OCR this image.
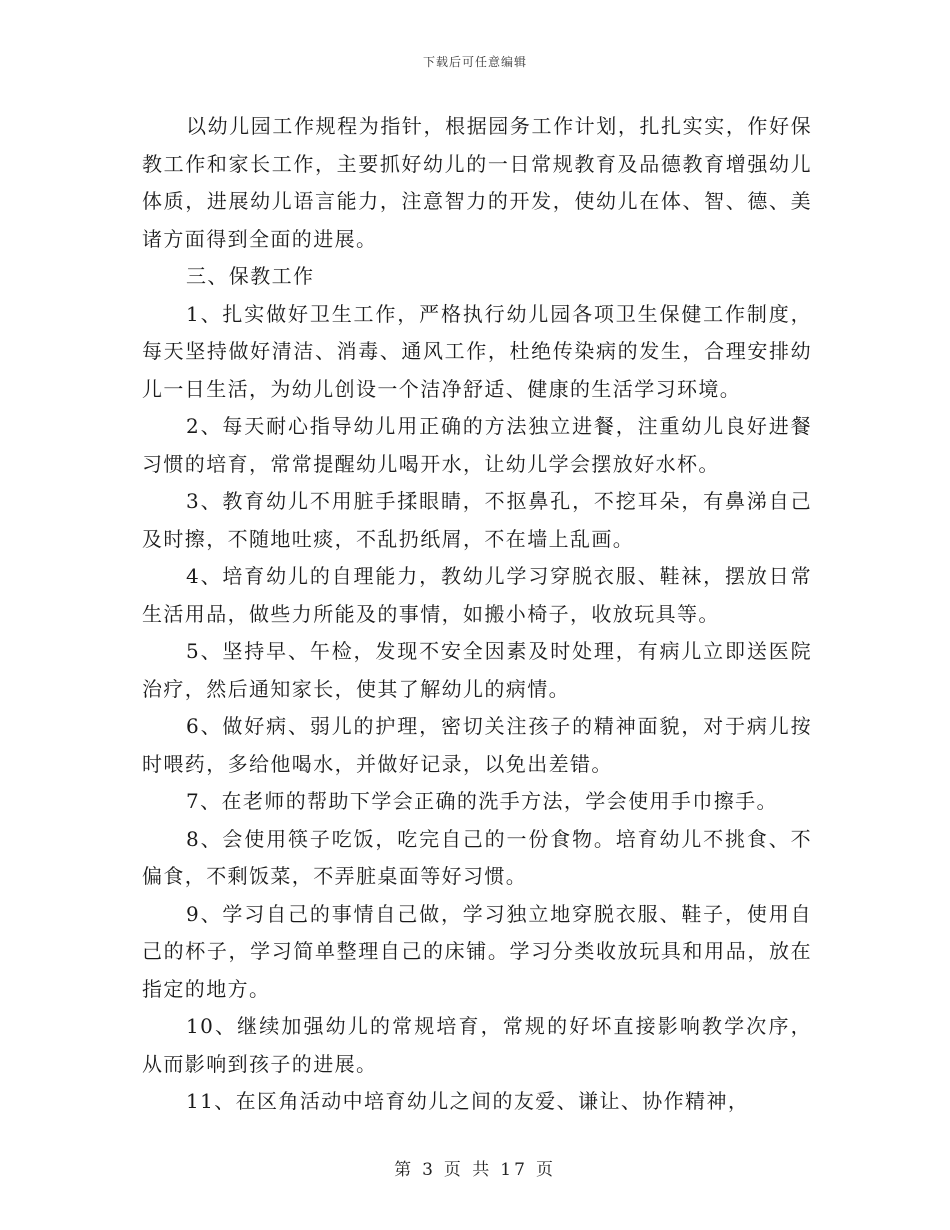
下载后可任意编辑

以幼儿园工作规程为指针，根据园务工作计划，扎扎实实，作好保教工作和家长工作，主要抓好幼儿的一日常规教育及品德教育增强幼儿体质，进展幼儿语言能力，注意智力的开发，使幼儿在体、智、德、美诸方面得到全面的进展。

三、保教工作

1、扎实做好卫生工作，严格执行幼儿园各项卫生保健工作制度，每天坚持做好清洁、消毒、通风工作，杜绝传染病的发生，合理安排幼儿一日生活，为幼儿创设一个洁净舒适、健康的生活学习环境。

2、每天耐心指导幼儿用正确的方法独立进餐，注重幼儿良好进餐习惯的培育，常常提醒幼儿喝开水，让幼儿学会摆放好水杯。

3、教育幼儿不用脏手揉眼睛，不抠鼻孔，不挖耳朵，有鼻涕自己及时擦，不随地吐痰，不乱扔纸屑，不在墙上乱画。

4、培育幼儿的自理能力，教幼儿学习穿脱衣服、鞋袜，摆放日常生活用品，做些力所能及的事情，如搬小椅子，收放玩具等。

5、坚持早、午检，发现不安全因素及时处理，有病儿立即送医院治疗，然后通知家长，使其了解幼儿的病情。

6、做好病、弱儿的护理，密切关注孩子的精神面貌，对于病儿按时喂药，多给他喝水，并做好记录，以免出差错。

7、在老师的帮助下学会正确的洗手方法，学会使用手巾擦手。

8、会使用筷子吃饭，吃完自己的一份食物。培育幼儿不挑食、不偏食，不剩饭菜，不弄脏桌面等好习惯。

9、学习自己的事情自己做，学习独立地穿脱衣服、鞋子，使用自己的杯子，学习简单整理自己的床铺。学习分类收放玩具和用品，放在指定的地方。

10、继续加强幼儿的常规培育，常规的好坏直接影响教学次序，从而影响到孩子的进展。

11、在区角活动中培育幼儿之间的友爱、谦让、协作精神，

第 3 页 共 17 页
